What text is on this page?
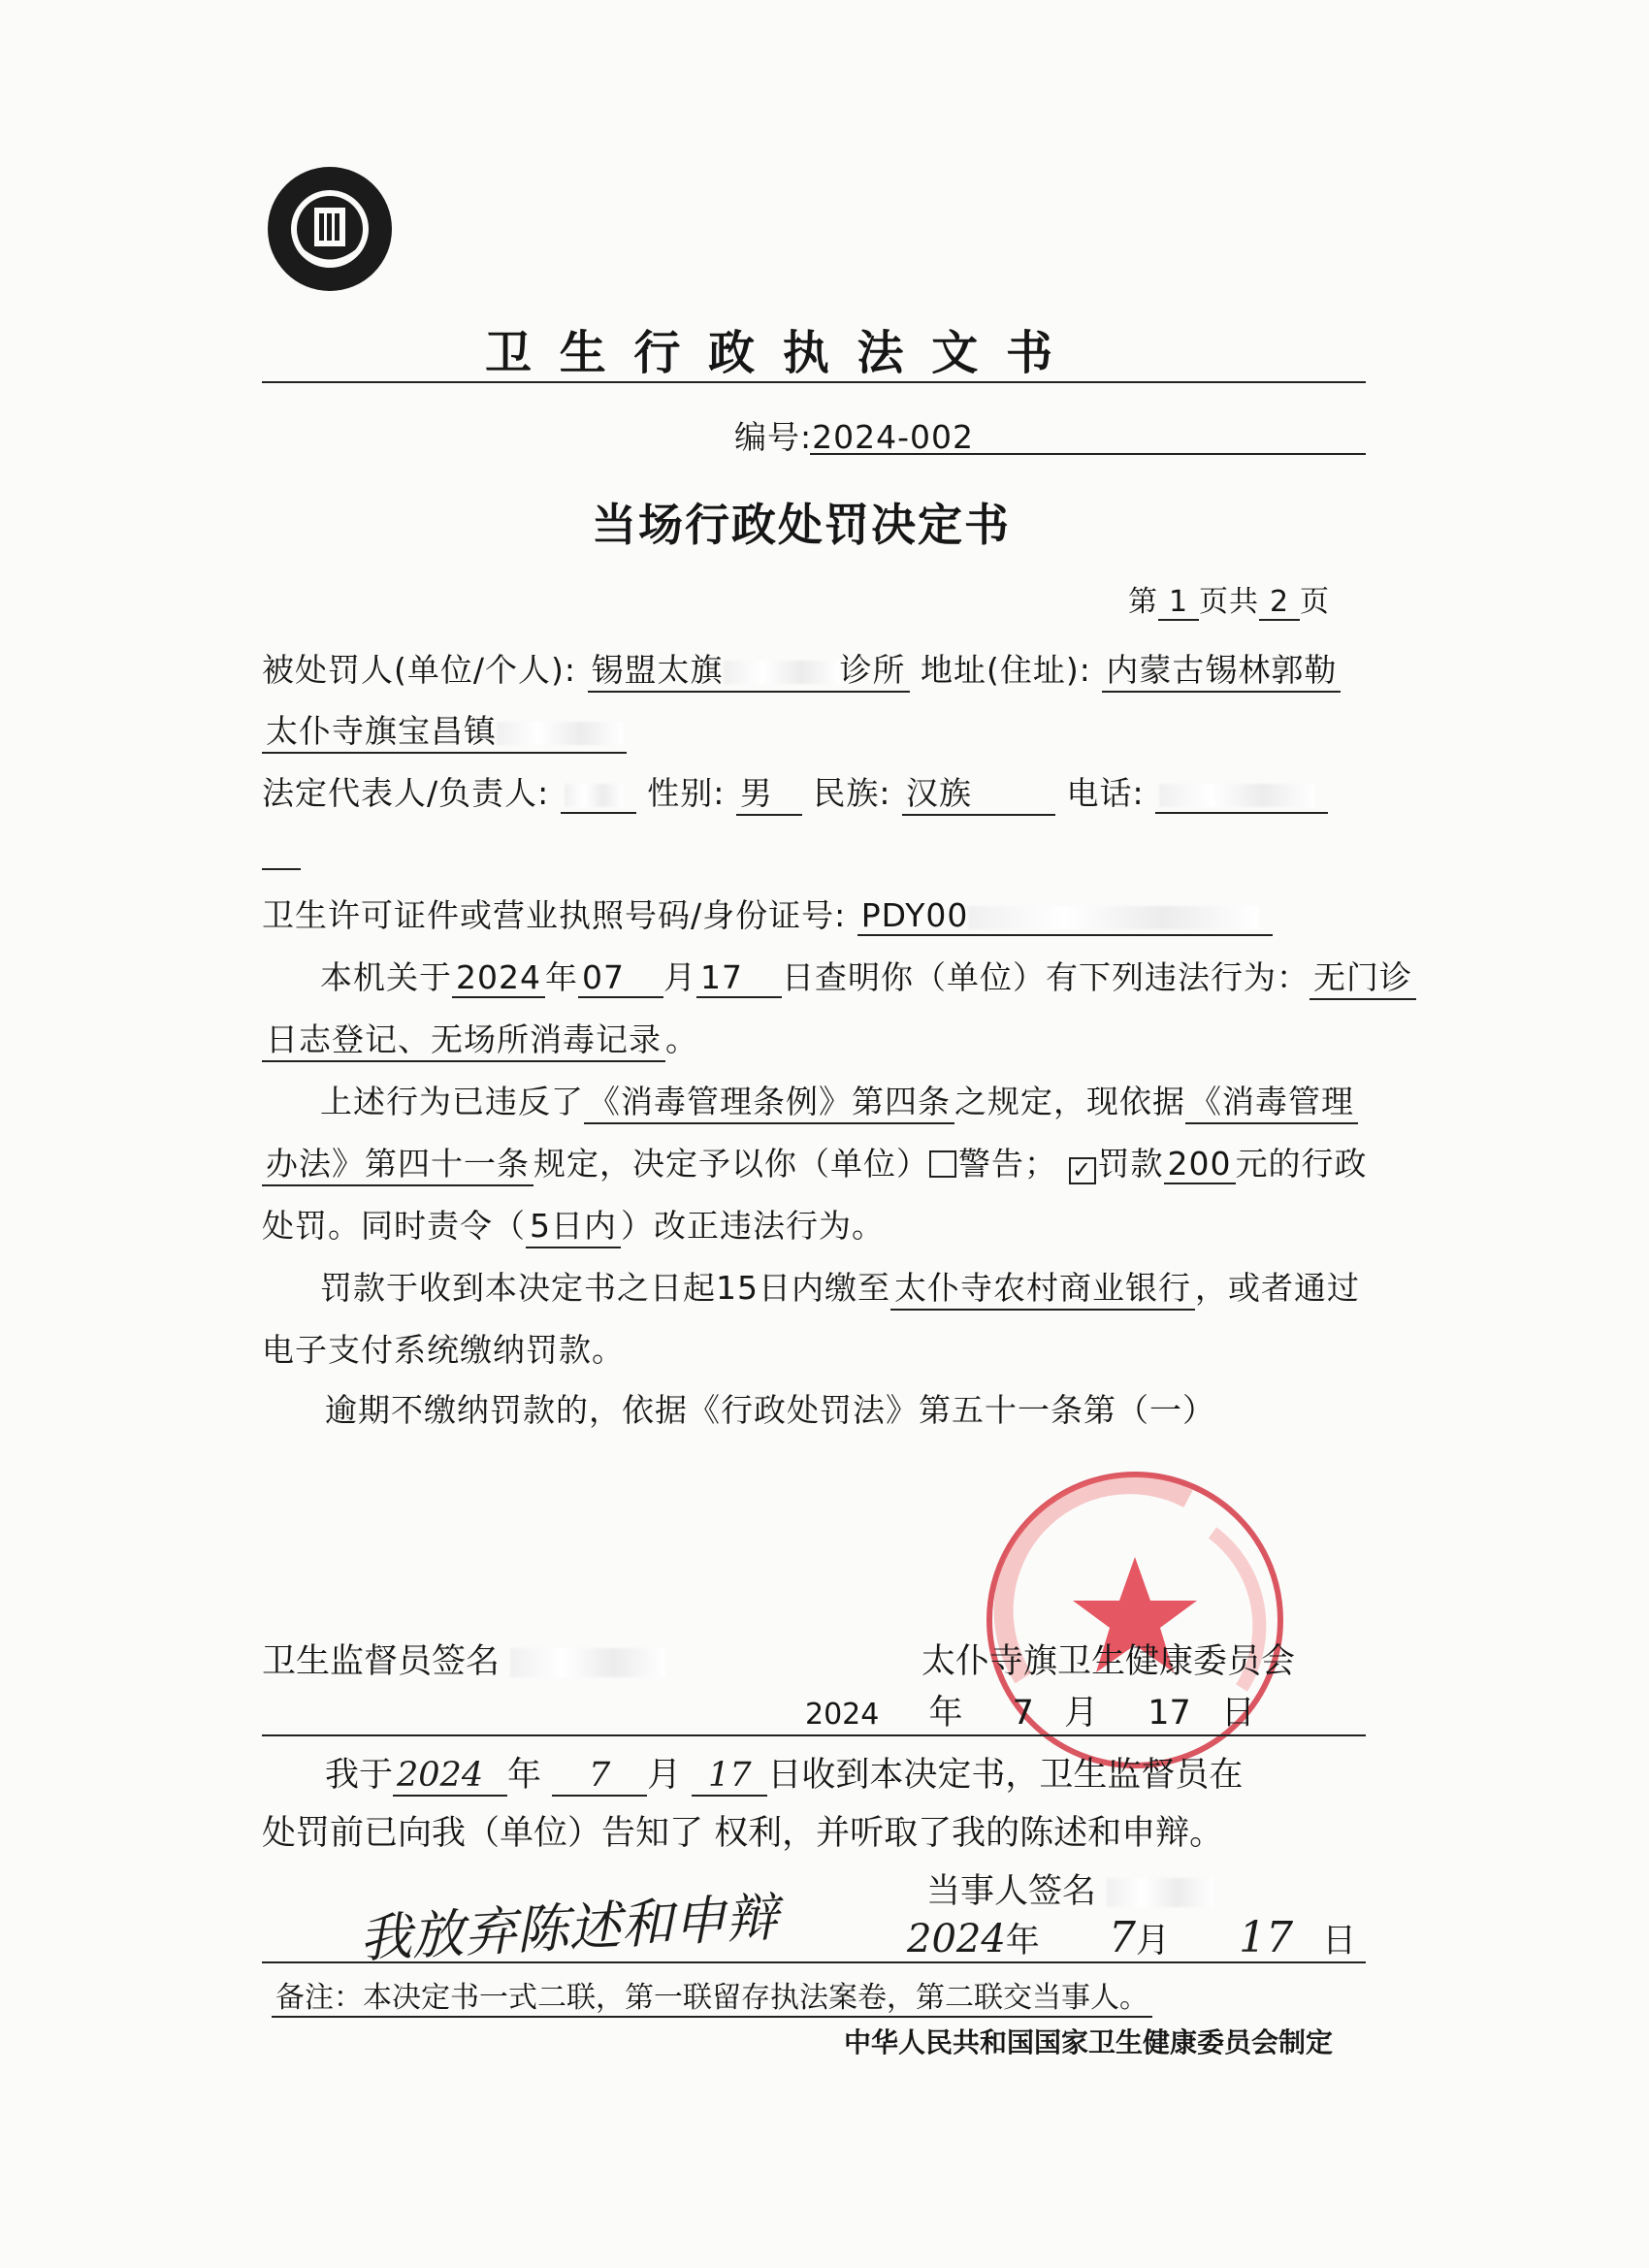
卫 生 行 政 执 法 文 书
编号:2024-002
当场行政处罚决定书
第 1 页共 2 页
被处罚人(单位/个人): 锡盟太旗	诊所 地址(住址): 内蒙古锡林郭勒
太仆寺旗宝昌镇
法定代表人/负责人:	性别: 男 民族: 汉族	电话:
卫生许可证件或营业执照号码/身份证号: PDY00
本机关于 2024 年 07 月 17 日查明你（单位）有下列违法行为： 无门诊
日志登记、无场所消毒记录 。
上述行为已违反了 《消毒管理条例》第四条 之规定，现依据 《消毒管理
办法》第四十一条 规定，决定予以你（单位） 警告； ✓ 罚款 200 元的行政
处罚。同时责令（ 5日内 ）改正违法行为。
罚款于收到本决定书之日起15日内缴至 太仆寺农村商业银行 ，或者通过
电子支付系统缴纳罚款。
逾期不缴纳罚款的，依据《行政处罚法》第五十一条第（一）
卫生监督员签名	太仆寺旗卫生健康委员会
2024 年 7 月 17 日
我于 2024 年 7 月 17 日收到本决定书，卫生监督员在
处罚前已向我（单位）告知了 权利，并听取了我的陈述和申辩。
当事人签名
我放弃陈述和申辩	2024年 7月 17 日
备注：本决定书一式二联，第一联留存执法案卷，第二联交当事人。
中华人民共和国国家卫生健康委员会制定
